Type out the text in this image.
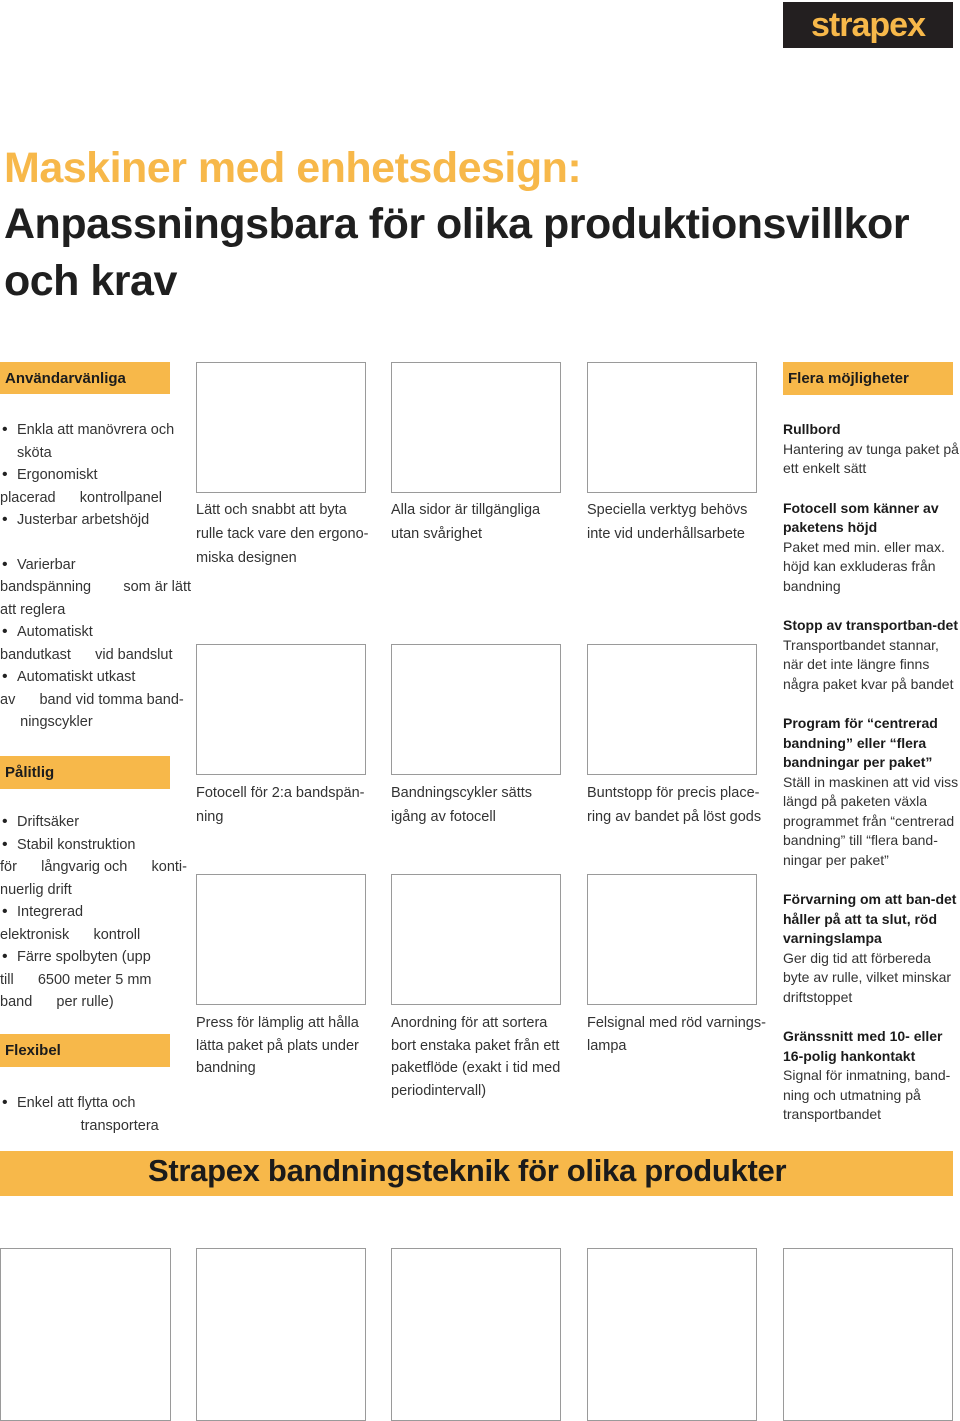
strapex
Maskiner med enhetsdesign:
Anpassningsbara för olika produktionsvillkor och krav
Användarvänliga
Pålitlig
Flexibel
Flera möjligheter
• Enkla att manövrera och
sköta
• Ergonomiskt
placerad      kontrollpanel
• Justerbar arbetshöjd
• Varierbar
bandspänning        som är lätt
att reglera
• Automatiskt
bandutkast      vid bandslut
• Automatiskt utkast
av      band vid tomma band-
ningscykler
• Driftsäker
• Stabil konstruktion
för      långvarig och      konti-
nuerlig drift
• Integrerad
elektronisk      kontroll
• Färre spolbyten (upp
till      6500 meter 5 mm
band      per rulle)
• Enkel att flytta och
transportera
Lätt och snabbt att byta
rulle tack vare den ergono-
miska designen
Alla sidor är tillgängliga
utan svårighet
Speciella verktyg behövs
inte vid underhållsarbete
Fotocell för 2:a bandspän-
ning
Bandningscykler sätts
igång av fotocell
Buntstopp för precis place-
ring av bandet på löst gods
Press för lämplig att hålla
lätta paket på plats under
bandning
Anordning för att sortera
bort enstaka paket från ett
paketflöde (exakt i tid med
periodintervall)
Felsignal med röd varnings-
lampa
Rullbord
Hantering av tunga paket på ett enkelt sätt
Fotocell som känner av paketens höjd
Paket med min. eller max. höjd kan exkluderas från bandning
Stopp av transportban-det
Transportbandet stannar, när det inte längre finns några paket kvar på bandet
Program för “centrerad bandning” eller “flera bandningar per paket”
Ställ in maskinen att vid viss längd på paketen växla programmet från “centrerad bandning” till “flera band-ningar per paket”
Förvarning om att ban-det håller på att ta slut, röd varningslampa
Ger dig tid att förbereda byte av rulle, vilket minskar driftstoppet
Gränssnitt med 10- eller 16-polig hankontakt
Signal för inmatning, band-ning och utmatning på transportbandet
Strapex bandningsteknik för olika produkter
